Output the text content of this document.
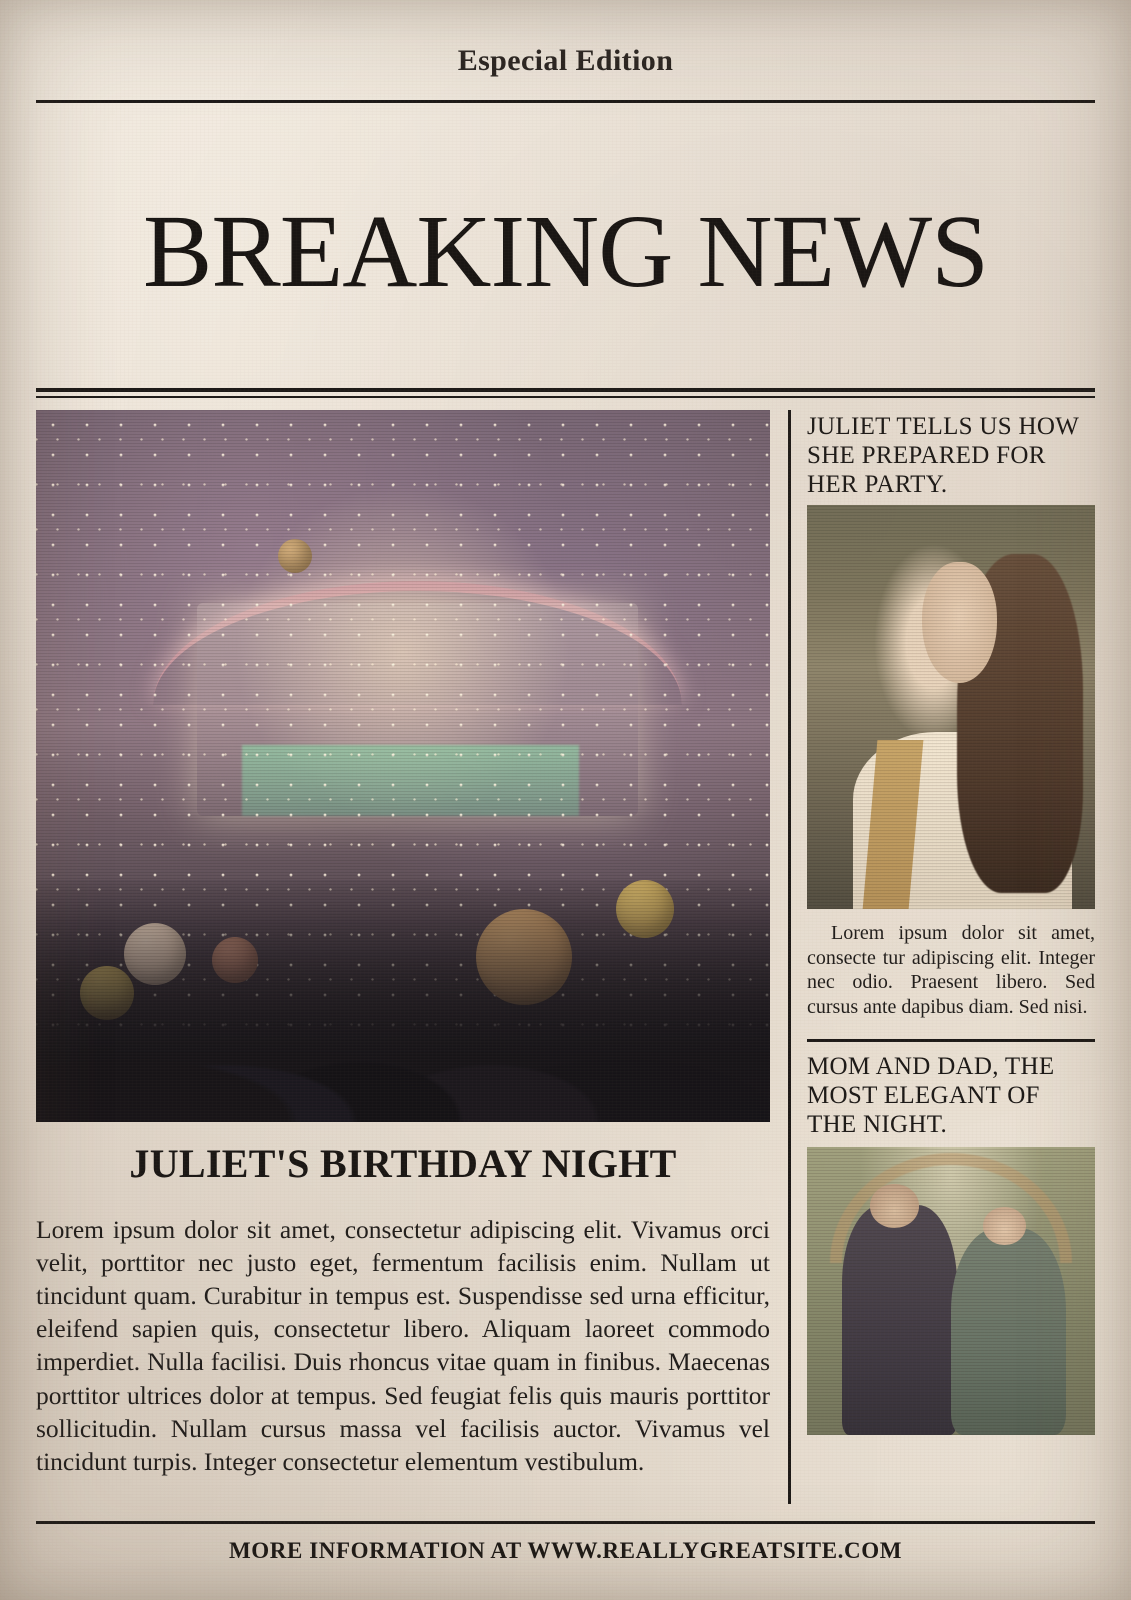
Especial Edition
BREAKING NEWS
JULIET'S BIRTHDAY NIGHT

Lorem ipsum dolor sit amet, consectetur adipiscing elit. Vivamus orci velit, porttitor nec justo eget, fermentum facilisis enim. Nullam ut tincidunt quam. Curabitur in tempus est. Suspendisse sed urna efficitur, eleifend sapien quis, consectetur libero. Aliquam laoreet commodo imperdiet. Nulla facilisi. Duis rhoncus vitae quam in finibus. Maecenas porttitor ultrices dolor at tempus. Sed feugiat felis quis mauris porttitor sollicitudin. Nullam cursus massa vel facilisis auctor. Vivamus vel tincidunt turpis. Integer consectetur elementum vestibulum.

JULIET TELLS US HOW SHE PREPARED FOR HER PARTY.

Lorem ipsum dolor sit amet, consecte tur adipiscing elit. Integer nec odio. Praesent libero. Sed cursus ante dapibus diam. Sed nisi.

MOM AND DAD, THE MOST ELEGANT OF THE NIGHT.
MORE INFORMATION AT WWW.REALLYGREATSITE.COM
